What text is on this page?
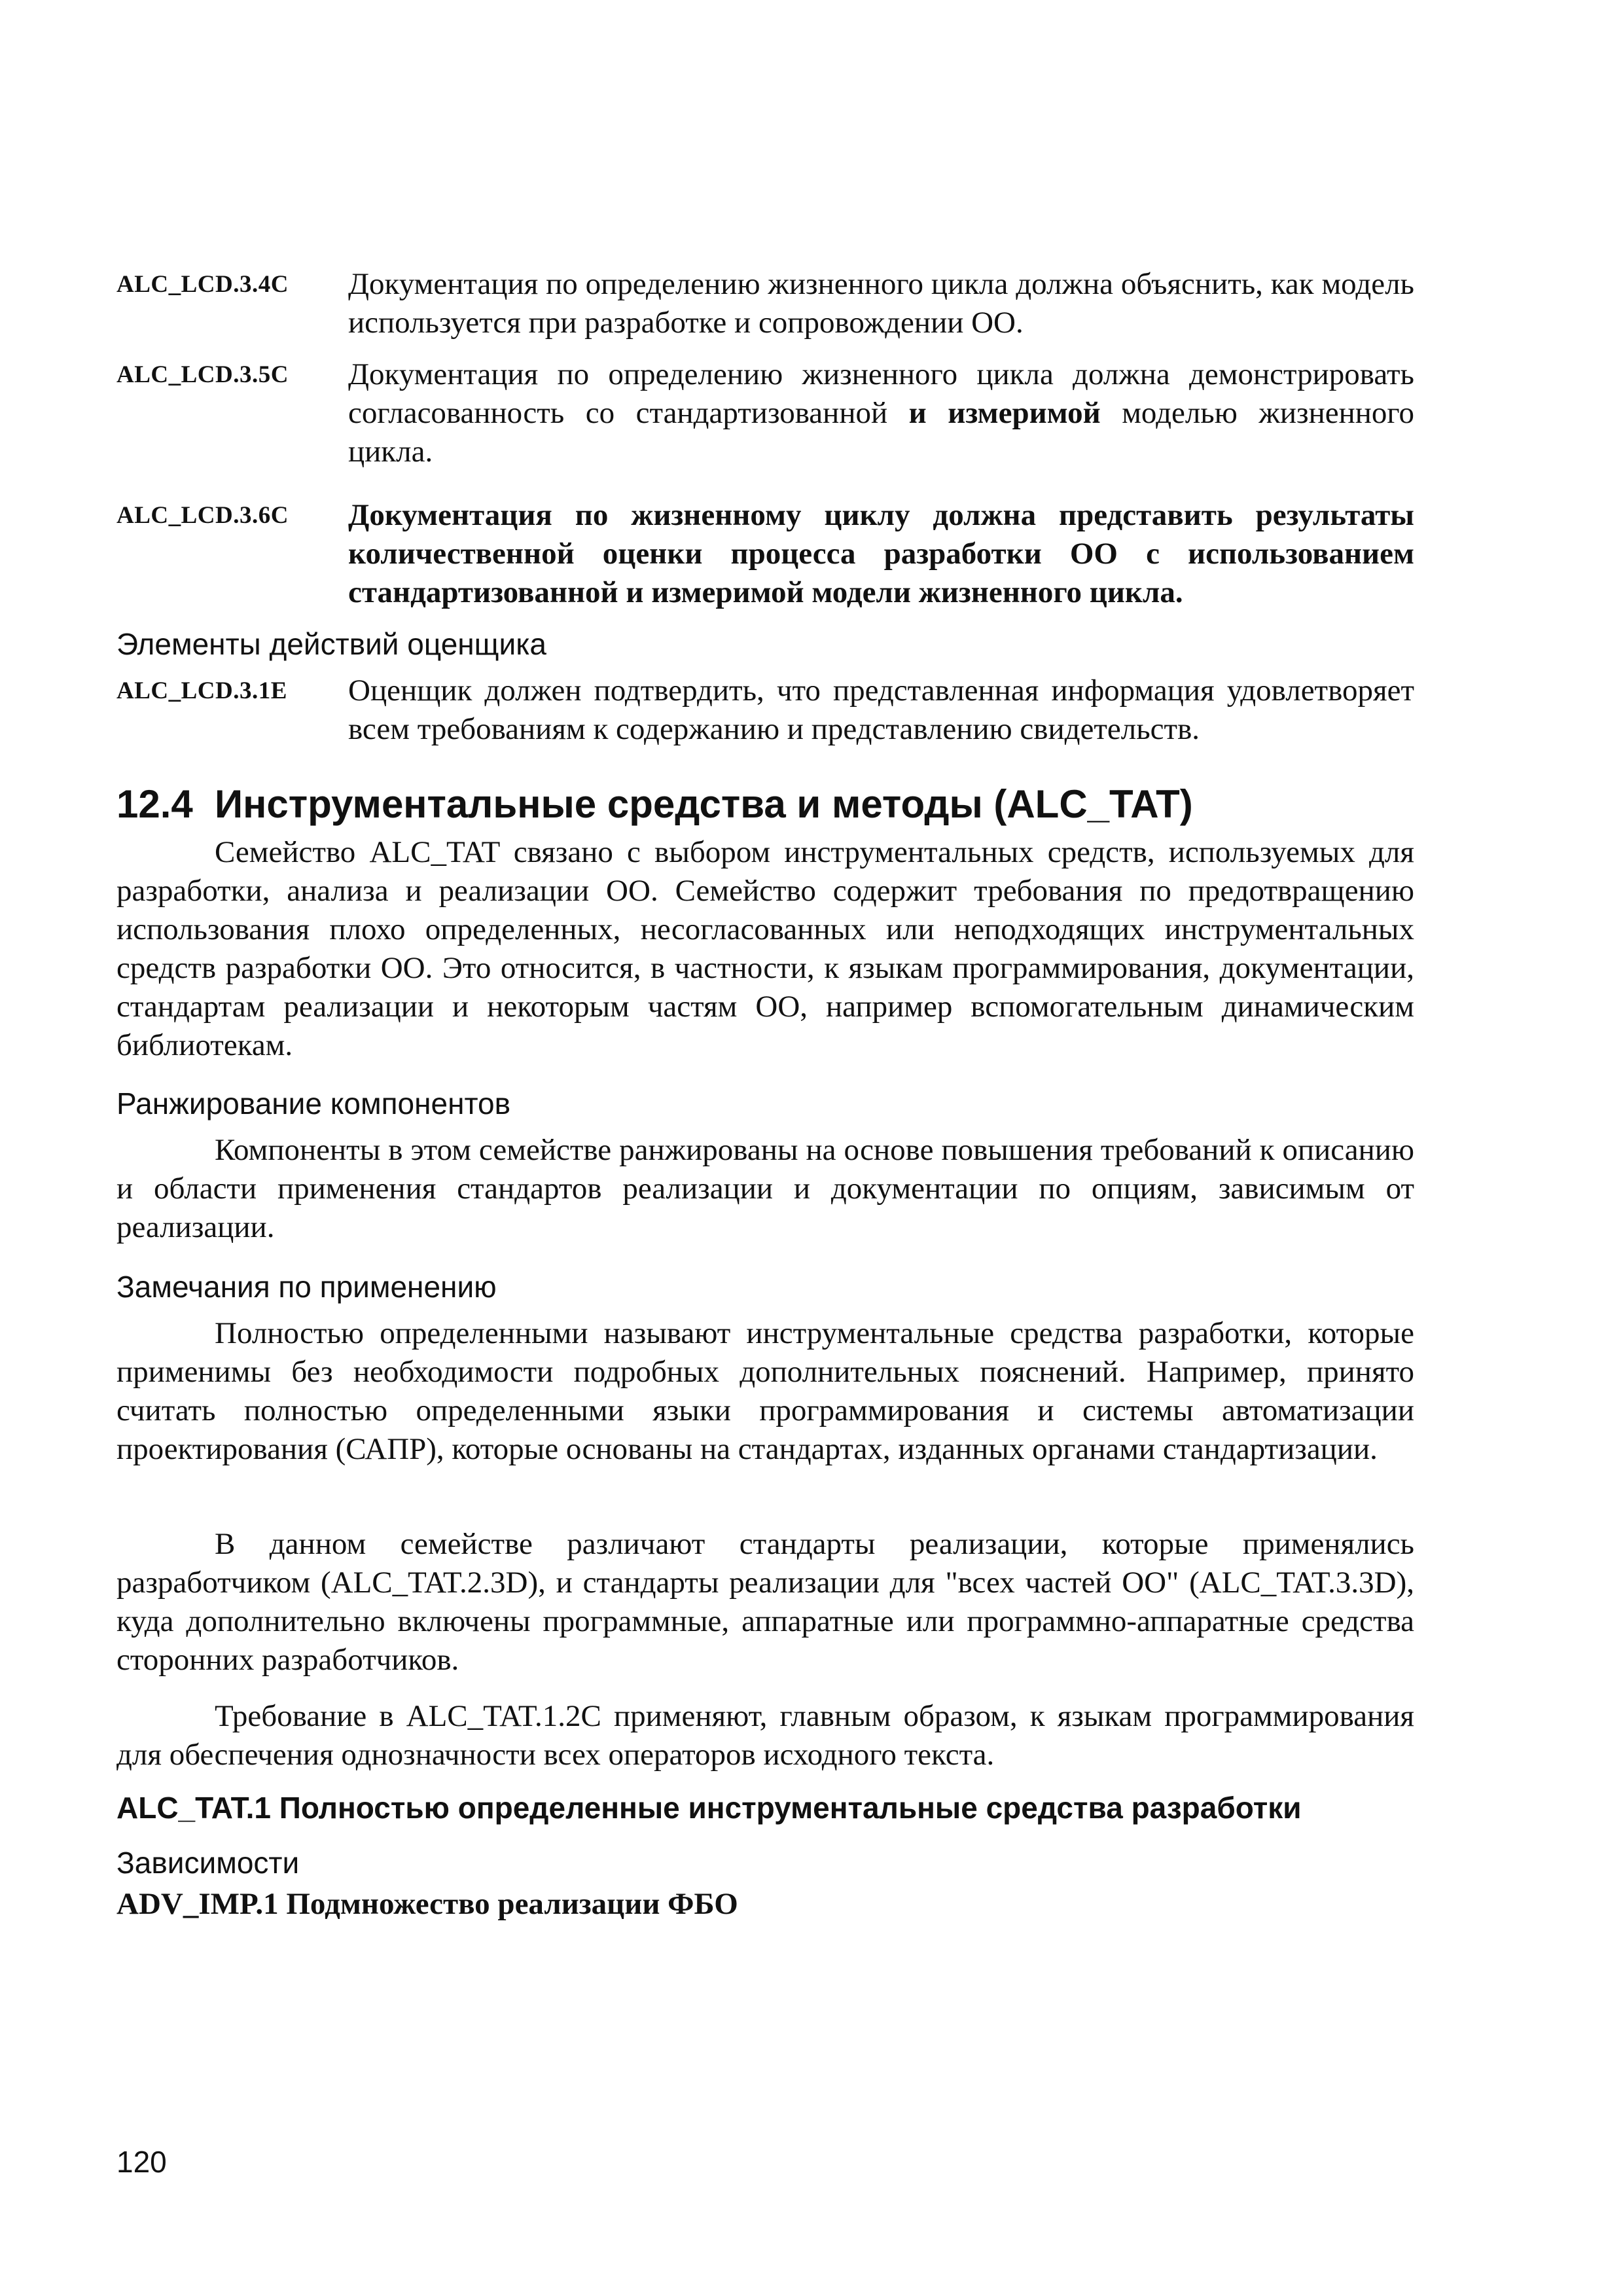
ALC_LCD.3.4C Документация по определению жизненного цикла должна объяснить, как модель используется при разработке и сопровождении ОО.
ALC_LCD.3.5C Документация по определению жизненного цикла должна демонстрировать согласованность со стандартизованной и измеримой моделью жизненного цикла.
ALC_LCD.3.6C Документация по жизненному циклу должна представить результаты количественной оценки процесса разработки ОО с использованием стандартизованной и измеримой модели жизненного цикла.
Элементы действий оценщика
ALC_LCD.3.1E Оценщик должен подтвердить, что представленная информация удовлетворяет всем требованиям к содержанию и представлению свидетельств.
12.4 Инструментальные средства и методы (ALC_TAT)
Семейство ALC_TAT связано с выбором инструментальных средств, используемых для разработки, анализа и реализации ОО. Семейство содержит требования по предотвращению использования плохо определенных, несогласованных или неподходящих инструментальных средств разработки ОО. Это относится, в частности, к языкам программирования, документации, стандартам реализации и некоторым частям ОО, например вспомогательным динамическим библиотекам.
Ранжирование компонентов
Компоненты в этом семействе ранжированы на основе повышения требований к описанию и области применения стандартов реализации и документации по опциям, зависимым от реализации.
Замечания по применению
Полностью определенными называют инструментальные средства разработки, которые применимы без необходимости подробных дополнительных пояснений. Например, принято считать полностью определенными языки программирования и системы автоматизации проектирования (САПР), которые основаны на стандартах, изданных органами стандартизации.
В данном семействе различают стандарты реализации, которые применялись разработчиком (ALC_TAT.2.3D), и стандарты реализации для "всех частей ОО" (ALC_TAT.3.3D), куда дополнительно включены программные, аппаратные или программно-аппаратные средства сторонних разработчиков.
Требование в ALC_TAT.1.2C применяют, главным образом, к языкам программирования для обеспечения однозначности всех операторов исходного текста.
ALC_TAT.1 Полностью определенные инструментальные средства разработки
Зависимости
ADV_IMP.1 Подмножество реализации ФБО
120
